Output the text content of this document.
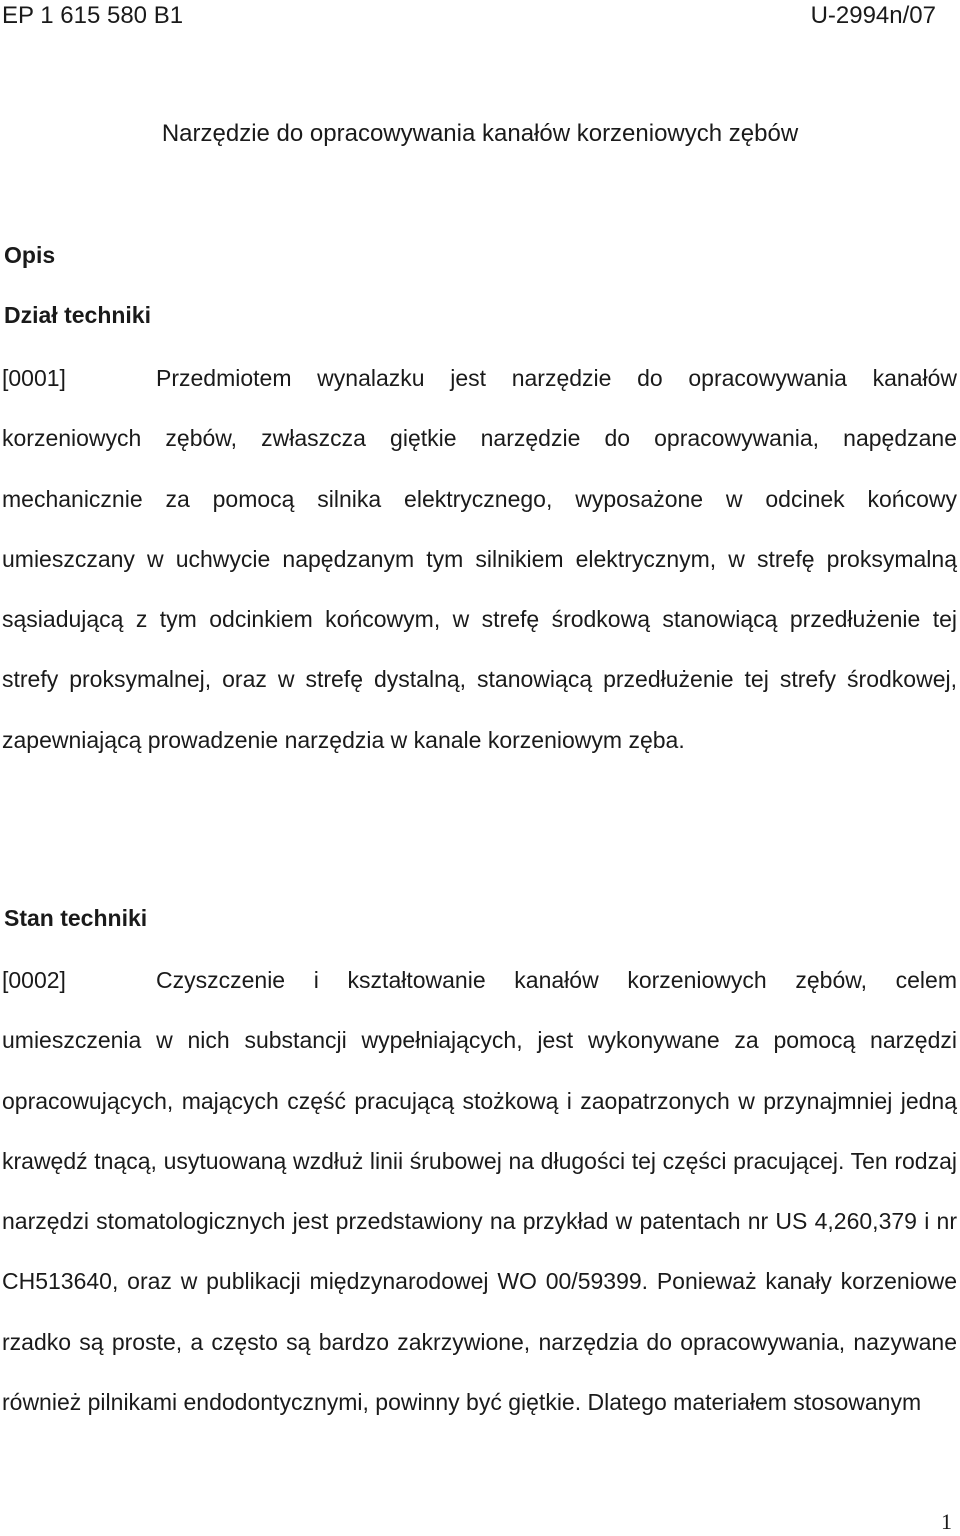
EP 1 615 580 B1	U-2994n/07
Narzędzie do opracowywania kanałów korzeniowych zębów
Opis
Dział techniki

[0001]	Przedmiotem wynalazku jest narzędzie do opracowywania kanałów korzeniowych zębów, zwłaszcza giętkie narzędzie do opracowywania, napędzane mechanicznie za pomocą silnika elektrycznego, wyposażone w odcinek końcowy umieszczany w uchwycie napędzanym tym silnikiem elektrycznym, w strefę proksymalną sąsiadującą z tym odcinkiem końcowym, w strefę środkową stanowiącą przedłużenie tej strefy proksymalnej, oraz w strefę dystalną, stanowiącą przedłużenie tej strefy środkowej, zapewniającą prowadzenie narzędzia w kanale korzeniowym zęba.

Stan techniki

[0002]	Czyszczenie i kształtowanie kanałów korzeniowych zębów, celem umieszczenia w nich substancji wypełniających, jest wykonywane za pomocą narzędzi opracowujących, mających część pracującą stożkową i zaopatrzonych w przynajmniej jedną krawędź tnącą, usytuowaną wzdłuż linii śrubowej na długości tej części pracującej. Ten rodzaj narzędzi stomatologicznych jest przedstawiony na przykład w patentach nr US 4,260,379 i nr CH513640, oraz w publikacji międzynarodowej WO 00/59399. Ponieważ kanały korzeniowe rzadko są proste, a często są bardzo zakrzywione, narzędzia do opracowywania, nazywane również pilnikami endodontycznymi, powinny być giętkie. Dlatego materiałem stosowanym

1
